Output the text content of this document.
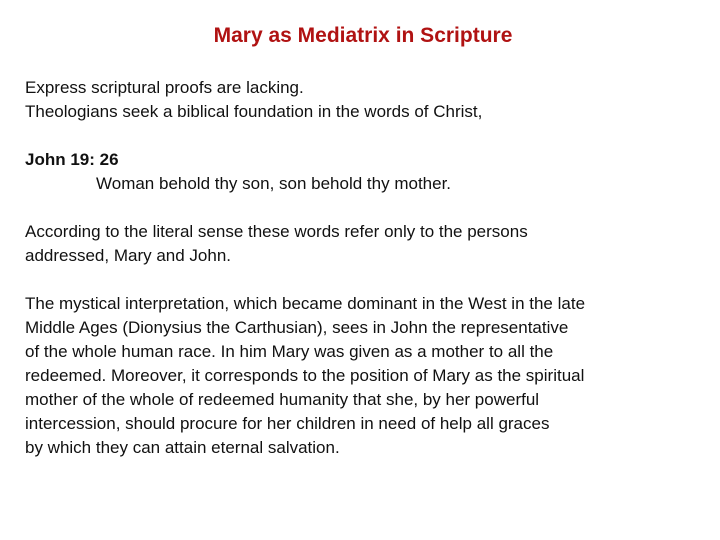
Mary as Mediatrix in Scripture
Express scriptural proofs are lacking.
Theologians seek a biblical foundation in the words of Christ,
John 19: 26
Woman behold thy son, son behold thy mother.
According to the literal sense these words refer only to the persons
addressed, Mary and John.
The mystical interpretation, which became dominant in the West in the late
Middle Ages (Dionysius the Carthusian), sees in John the representative
of the whole human race. In him Mary was given as a mother to all the
redeemed. Moreover, it corresponds to the position of Mary as the spiritual
mother of the whole of redeemed humanity that she, by her powerful
intercession, should procure for her children in need of help all graces
by which they can attain eternal salvation.
